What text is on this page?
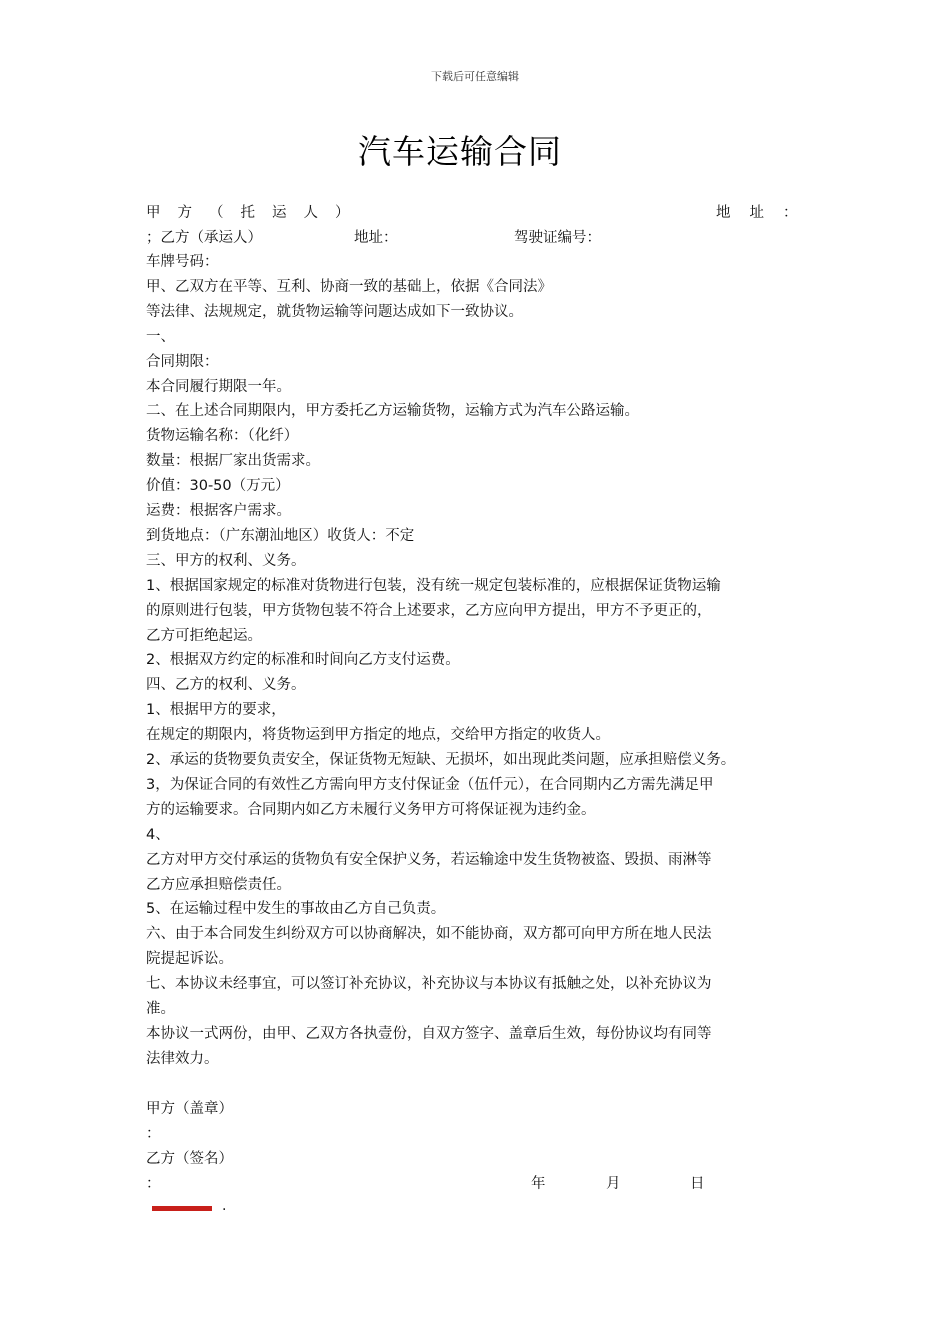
下载后可任意编辑
汽车运输合同
甲方（托运人）	地址：
；乙方（承运人）	地址：	驾驶证编号：
车牌号码：
甲、乙双方在平等、互利、协商一致的基础上，依据《合同法》
等法律、法规规定，就货物运输等问题达成如下一致协议。
一、
合同期限：
本合同履行期限一年。
二、在上述合同期限内，甲方委托乙方运输货物，运输方式为汽车公路运输。
货物运输名称：（化纤）
数量：根据厂家出货需求。
价值：30-50（万元）
运费：根据客户需求。
到货地点：（广东潮汕地区）收货人：不定
三、甲方的权利、义务。
1、根据国家规定的标准对货物进行包装，没有统一规定包装标准的，应根据保证货物运输
的原则进行包装，甲方货物包装不符合上述要求，乙方应向甲方提出，甲方不予更正的，
乙方可拒绝起运。
2、根据双方约定的标准和时间向乙方支付运费。
四、乙方的权利、义务。
1、根据甲方的要求，
在规定的期限内，将货物运到甲方指定的地点，交给甲方指定的收货人。
2、承运的货物要负责安全，保证货物无短缺、无损坏，如出现此类问题，应承担赔偿义务。
3，为保证合同的有效性乙方需向甲方支付保证金（伍仟元），在合同期内乙方需先满足甲
方的运输要求。合同期内如乙方未履行义务甲方可将保证视为违约金。
4、
乙方对甲方交付承运的货物负有安全保护义务，若运输途中发生货物被盗、毁损、雨淋等
乙方应承担赔偿责任。
5、在运输过程中发生的事故由乙方自己负责。
六、由于本合同发生纠纷双方可以协商解决，如不能协商，双方都可向甲方所在地人民法
院提起诉讼。
七、本协议未经事宜，可以签订补充协议，补充协议与本协议有抵触之处，以补充协议为
准。
本协议一式两份，由甲、乙双方各执壹份，自双方签字、盖章后生效，每份协议均有同等
法律效力。
甲方（盖章）
：
乙方（签名）
：	年	月	日
.
